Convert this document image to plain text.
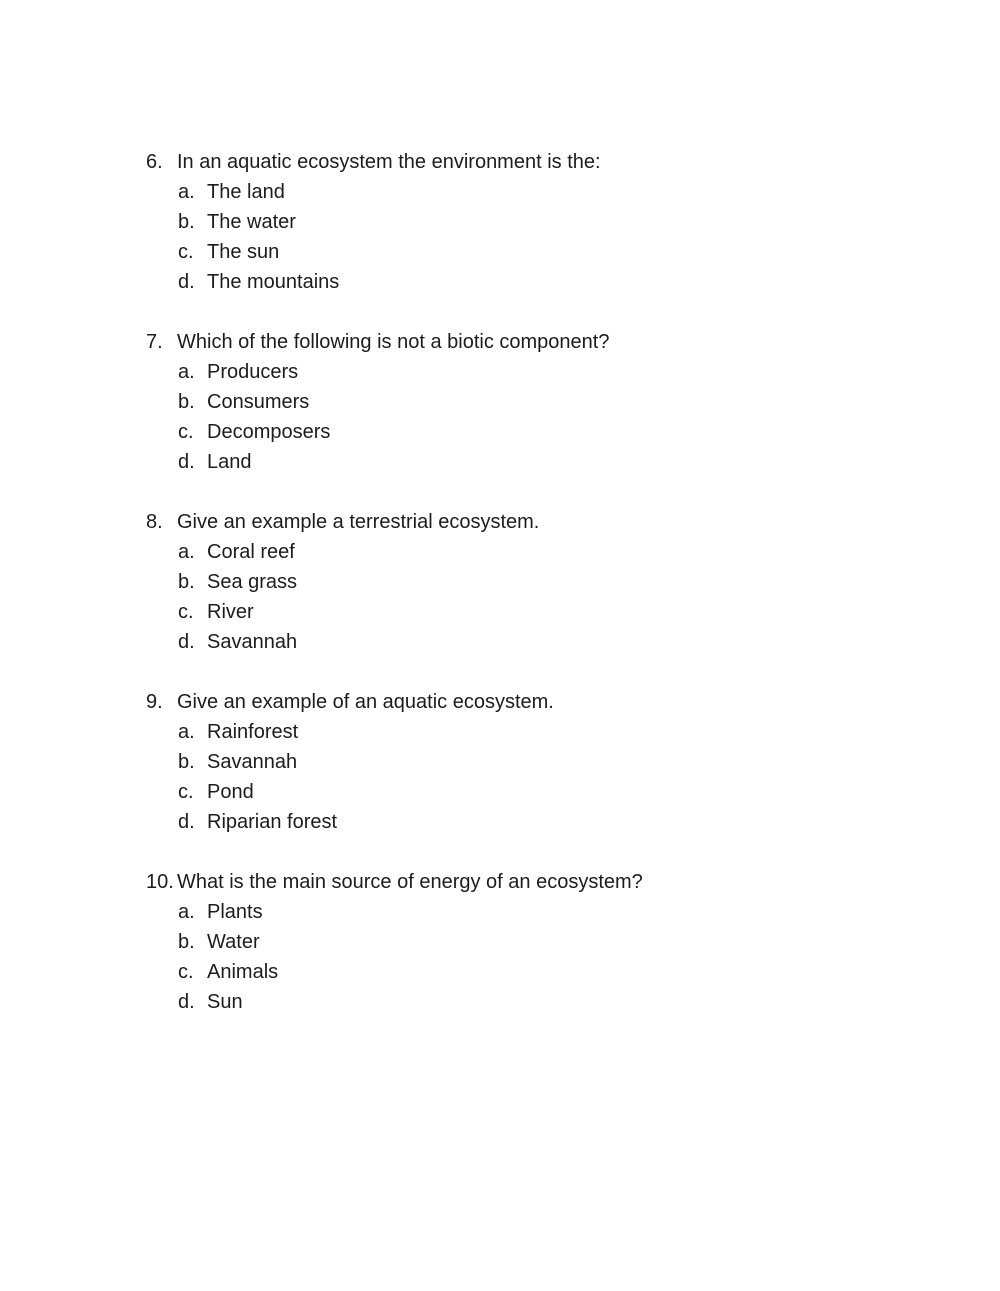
6. In an aquatic ecosystem the environment is the:
a. The land
b. The water
c. The sun
d. The mountains
7. Which of the following is not a biotic component?
a. Producers
b. Consumers
c. Decomposers
d. Land
8. Give an example a terrestrial ecosystem.
a. Coral reef
b. Sea grass
c. River
d. Savannah
9. Give an example of an aquatic ecosystem.
a. Rainforest
b. Savannah
c. Pond
d. Riparian forest
10. What is the main source of energy of an ecosystem?
a. Plants
b. Water
c. Animals
d. Sun
